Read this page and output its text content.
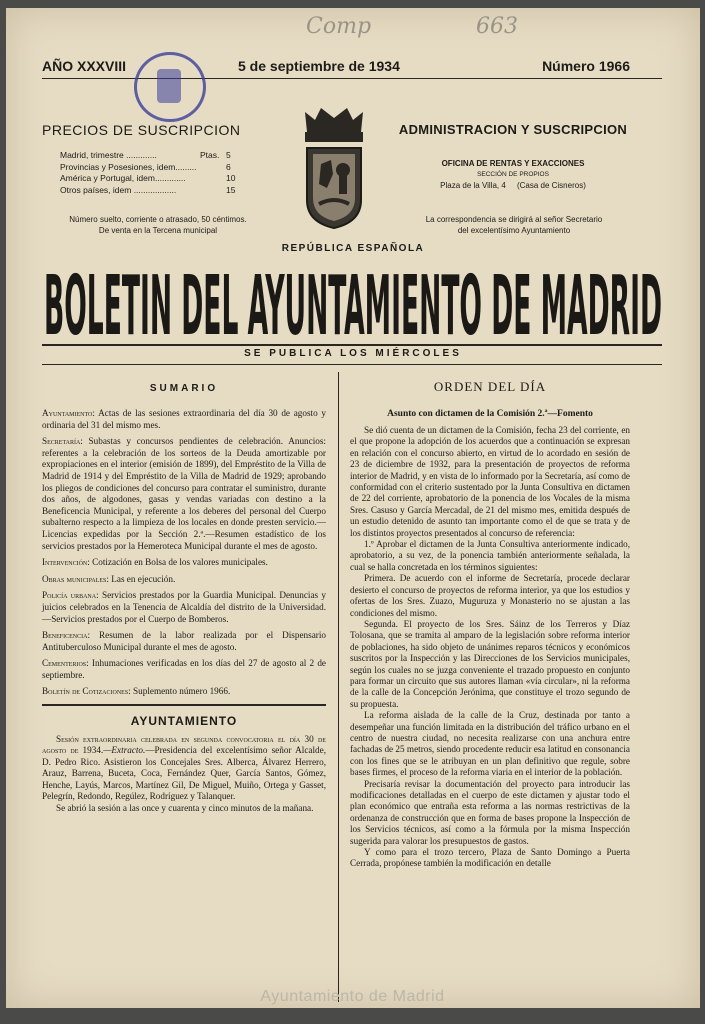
Comp	663
AÑO XXXVIII	5 de septiembre de 1934	Número 1966
PRECIOS DE SUSCRIPCION
Madrid, trimestre .............	Ptas. 5
Provincias y Posesiones, idem.........	6
América y Portugal, idem.............	10
Otros países, idem ..................	15
Número suelto, corriente o atrasado, 50 céntimos.
De venta en la Tercena municipal
ADMINISTRACION Y SUSCRIPCION
OFICINA DE RENTAS Y EXACCIONES
SECCIÓN DE PROPIOS
Plaza de la Villa, 4 (Casa de Cisneros)
La correspondencia se dirigirá al señor Secretario
del excelentísimo Ayuntamiento
REPÚBLICA ESPAÑOLA
BOLETIN DEL AYUNTAMIENTO DE MADRID
SE PUBLICA LOS MIÉRCOLES
SUMARIO

Ayuntamiento: Actas de las sesiones extraordinaria del día 30 de agosto y ordinaria del 31 del mismo mes.

Secretaría: Subastas y concursos pendientes de celebración. Anuncios: referentes a la celebración de los sorteos de la Deuda amortizable por expropiaciones en el interior (emisión de 1899), del Empréstito de la Villa de Madrid de 1914 y del Empréstito de la Villa de Madrid de 1929; aprobando los pliegos de condiciones del concurso para contratar el suministro, durante dos años, de algodones, gasas y vendas variadas con destino a la Beneficencia Municipal, y referente a los deberes del personal del Cuerpo subalterno respecto a la limpieza de los locales en donde presten servicio.—Licencias expedidas por la Sección 2.ª.—Resumen estadístico de los servicios prestados por la Hemeroteca Municipal durante el mes de agosto.

Intervención: Cotización en Bolsa de los valores municipales.

Obras municipales: Las en ejecución.

Policía urbana: Servicios prestados por la Guardia Municipal. Denuncias y juicios celebrados en la Tenencia de Alcaldía del distrito de la Universidad.—Servicios prestados por el Cuerpo de Bomberos.

Beneficencia: Resumen de la labor realizada por el Dispensario Antituberculoso Municipal durante el mes de agosto.

Cementerios: Inhumaciones verificadas en los días del 27 de agosto al 2 de septiembre.

Boletín de Cotizaciones: Suplemento número 1966.

AYUNTAMIENTO

Sesión extraordinaria celebrada en segunda convocatoria el día 30 de agosto de 1934.—Extracto.—Presidencia del excelentísimo señor Alcalde, D. Pedro Rico. Asistieron los Concejales Sres. Alberca, Álvarez Herrero, Arauz, Barrena, Buceta, Coca, Fernández Quer, García Santos, Gómez, Henche, Layús, Marcos, Martínez Gil, De Miguel, Muiño, Ortega y Gasset, Pelegrín, Redondo, Regúlez, Rodríguez y Talanquer.

Se abrió la sesión a las once y cuarenta y cinco minutos de la mañana.

ORDEN DEL DÍA
Asunto con dictamen de la Comisión 2.ª—Fomento

Se dió cuenta de un dictamen de la Comisión, fecha 23 del corriente, en el que propone la adopción de los acuerdos que a continuación se expresan en relación con el concurso abierto, en virtud de lo acordado en sesión de 23 de diciembre de 1932, para la presentación de proyectos de reforma interior de Madrid, y en vista de lo informado por la Secretaría, así como de conformidad con el criterio sustentado por la Junta Consultiva en dictamen de 22 del corriente, aprobatorio de la ponencia de los Vocales de la misma Sres. Casuso y García Mercadal, de 21 del mismo mes, emitida después de un estudio detenido de asunto tan importante como el de que se trata y de los distintos proyectos presentados al concurso de referencia:

1.º Aprobar el dictamen de la Junta Consultiva anteriormente indicado, aprobatorio, a su vez, de la ponencia también anteriormente señalada, la cual se halla concretada en los términos siguientes:

Primera. De acuerdo con el informe de Secretaría, procede declarar desierto el concurso de proyectos de reforma interior, ya que los estudios y ofertas de los Sres. Zuazo, Muguruza y Monasterio no se ajustan a las condiciones del mismo.

Segunda. El proyecto de los Sres. Sáinz de los Terreros y Díaz Tolosana, que se tramita al amparo de la legislación sobre reforma interior de poblaciones, ha sido objeto de unánimes reparos técnicos y económicos suscritos por la Inspección y las Direcciones de los Servicios municipales, según los cuales no se juzga conveniente el trazado propuesto en conjunto para formar un circuito que sus autores llaman «vía circular», ni la reforma de la calle de la Concepción Jerónima, que constituye el trozo segundo de su propuesta.

La reforma aislada de la calle de la Cruz, destinada por tanto a desempeñar una función limitada en la distribución del tráfico urbano en el centro de nuestra ciudad, no necesita realizarse con una anchura entre fachadas de 25 metros, siendo procedente reducir esa latitud en consonancia con los fines que se le atribuyan en un plan definitivo que regule, sobre bases firmes, el proceso de la reforma viaria en el interior de la población.

Precisaría revisar la documentación del proyecto para introducir las modificaciones detalladas en el cuerpo de este dictamen y ajustar todo el plan económico que entraña esta reforma a las normas restrictivas de la ordenanza de construcción que en forma de bases propone la Inspección de los Servicios técnicos, así como a la fórmula por la misma Inspección sugerida para valorar los presupuestos de gastos.

Y como para el trozo tercero, Plaza de Santo Domingo a Puerta Cerrada, propónese también la modificación en detalle

Ayuntamiento de Madrid
